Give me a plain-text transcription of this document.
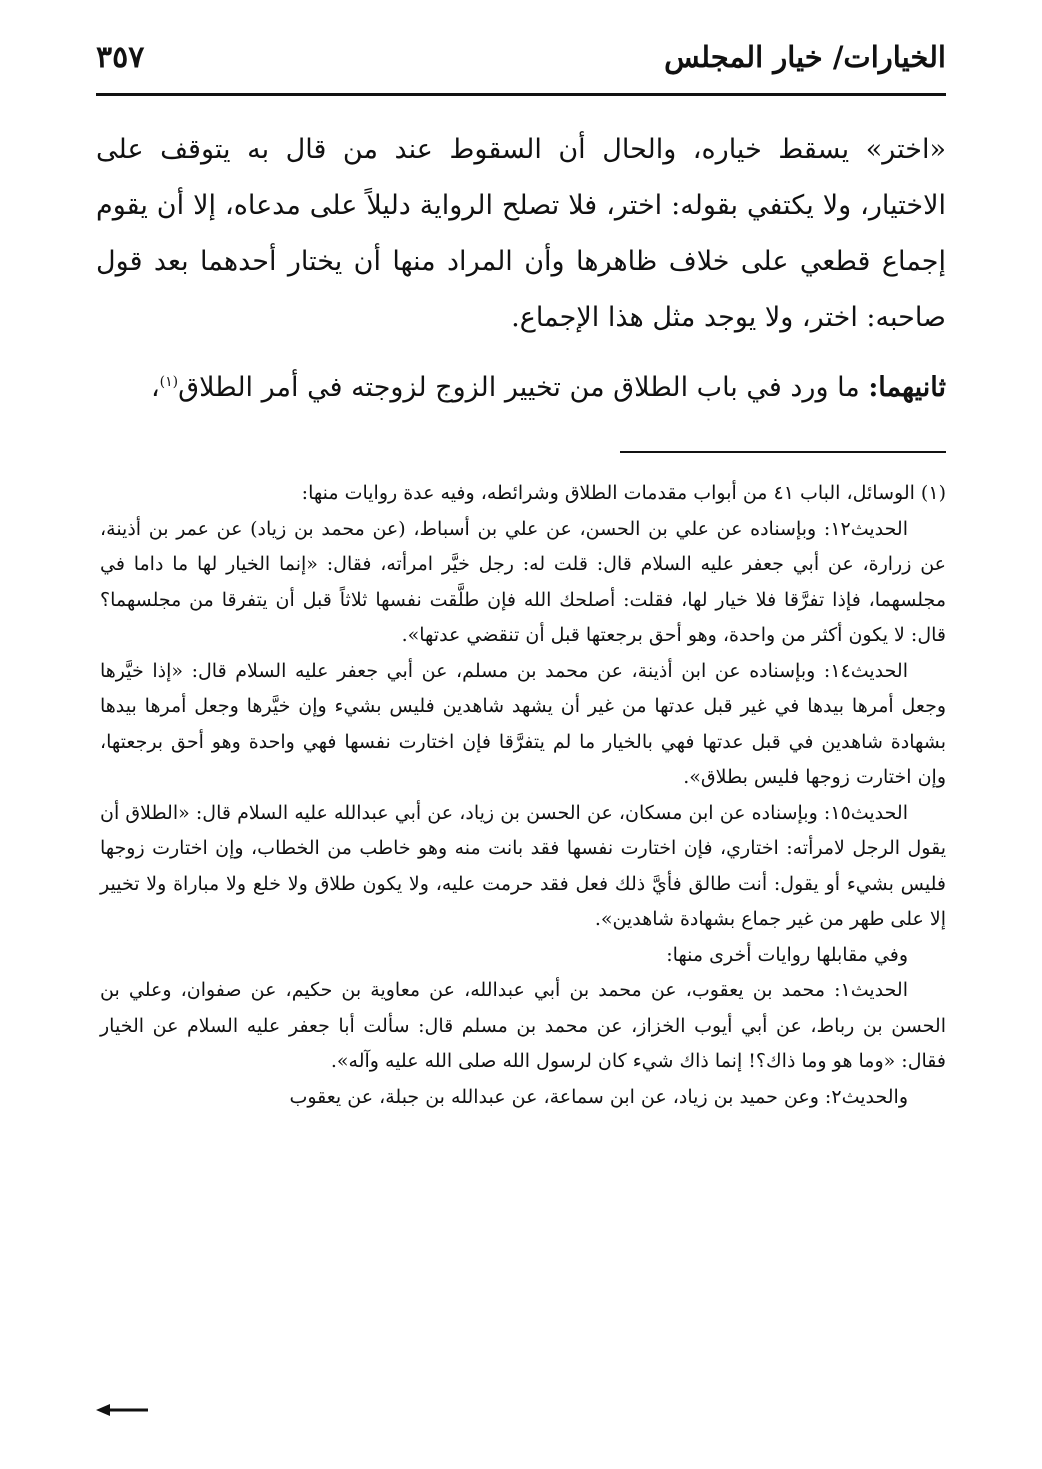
الخيارات/ خيار المجلس
٣٥٧

«اختر» يسقط خياره، والحال أن السقوط عند من قال به يتوقف على الاختيار، ولا يكتفي بقوله: اختر، فلا تصلح الرواية دليلاً على مدعاه، إلا أن يقوم إجماع قطعي على خلاف ظاهرها وأن المراد منها أن يختار أحدهما بعد قول صاحبه: اختر، ولا يوجد مثل هذا الإجماع.

ثانيهما: ما ورد في باب الطلاق من تخيير الزوج لزوجته في أمر الطلاق$^{(١)}$،

(١) الوسائل، الباب ٤١ من أبواب مقدمات الطلاق وشرائطه، وفيه عدة روايات منها:

الحديث١٢: وبإسناده عن علي بن الحسن، عن علي بن أسباط، (عن محمد بن زياد) عن عمر بن أذينة، عن زرارة، عن أبي جعفر عليه السلام قال: قلت له: رجل خيَّر امرأته، فقال: «إنما الخيار لها ما داما في مجلسهما، فإذا تفرَّقا فلا خيار لها، فقلت: أصلحك الله فإن طلَّقت نفسها ثلاثاً قبل أن يتفرقا من مجلسهما؟ قال: لا يكون أكثر من واحدة، وهو أحق برجعتها قبل أن تنقضي عدتها».

الحديث١٤: وبإسناده عن ابن أذينة، عن محمد بن مسلم، عن أبي جعفر عليه السلام قال: «إذا خيَّرها وجعل أمرها بيدها في غير قبل عدتها من غير أن يشهد شاهدين فليس بشيء وإن خيَّرها وجعل أمرها بيدها بشهادة شاهدين في قبل عدتها فهي بالخيار ما لم يتفرَّقا فإن اختارت نفسها فهي واحدة وهو أحق برجعتها، وإن اختارت زوجها فليس بطلاق».

الحديث١٥: وبإسناده عن ابن مسكان، عن الحسن بن زياد، عن أبي عبدالله عليه السلام قال: «الطلاق أن يقول الرجل لامرأته: اختاري، فإن اختارت نفسها فقد بانت منه وهو خاطب من الخطاب، وإن اختارت زوجها فليس بشيء أو يقول: أنت طالق فأيَّ ذلك فعل فقد حرمت عليه، ولا يكون طلاق ولا خلع ولا مباراة ولا تخيير إلا على طهر من غير جماع بشهادة شاهدين».

وفي مقابلها روايات أخرى منها:

الحديث١: محمد بن يعقوب، عن محمد بن أبي عبدالله، عن معاوية بن حكيم، عن صفوان، وعلي بن الحسن بن رباط، عن أبي أيوب الخزاز، عن محمد بن مسلم قال: سألت أبا جعفر عليه السلام عن الخيار فقال: «وما هو وما ذاك؟! إنما ذاك شيء كان لرسول الله صلى الله عليه وآله».

والحديث٢: وعن حميد بن زياد، عن ابن سماعة، عن عبدالله بن جبلة، عن يعقوب
